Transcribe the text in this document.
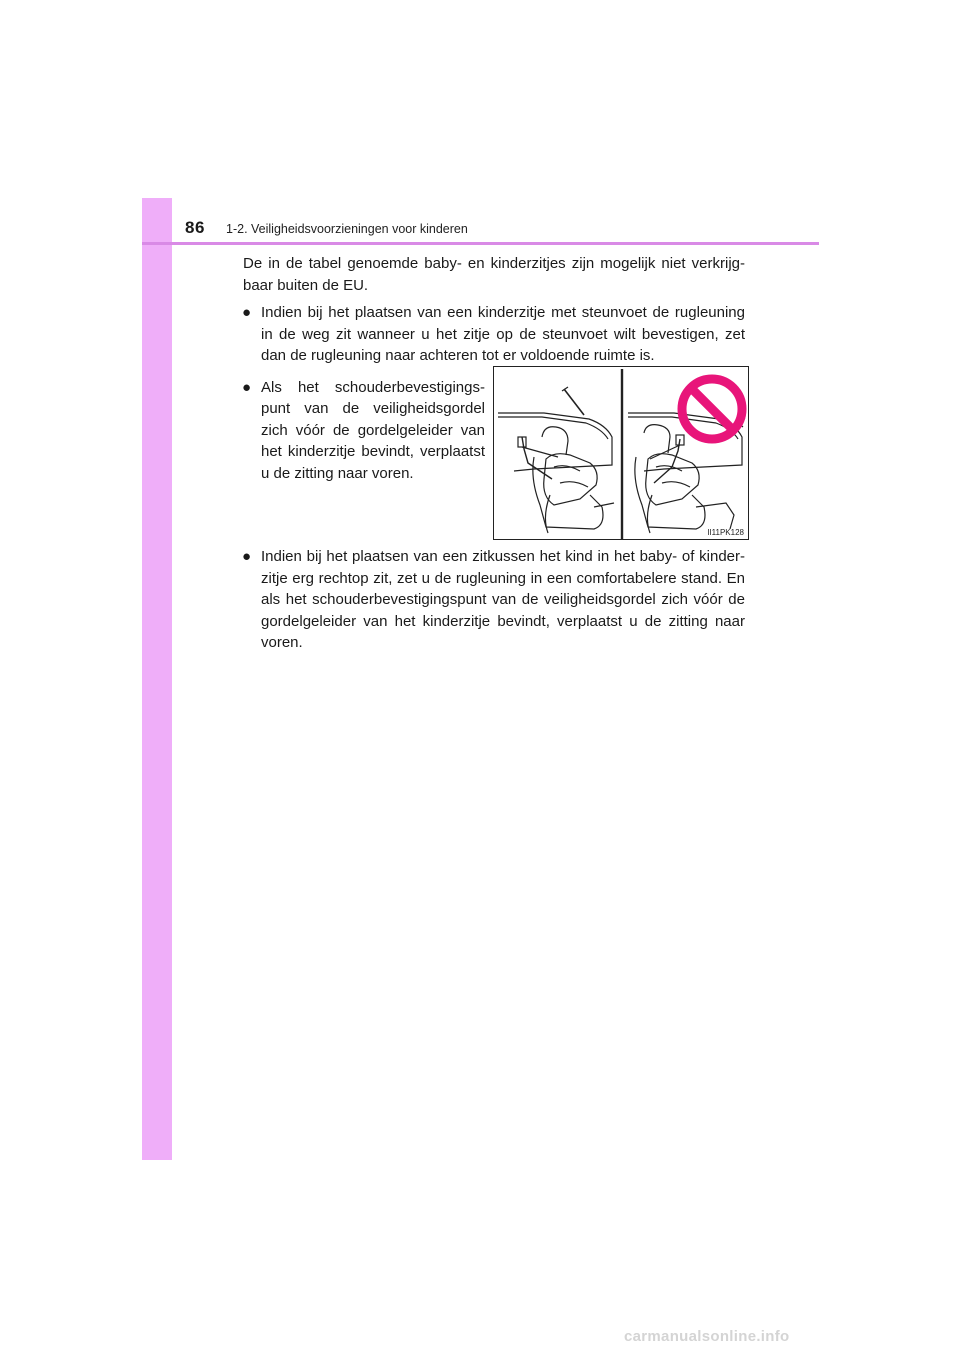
86 1-2. Veiligheidsvoorzieningen voor kinderen

De in de tabel genoemde baby- en kinderzitjes zijn mogelijk niet verkrijgbaar buiten de EU.

● Indien bij het plaatsen van een kinderzitje met steunvoet de rugleuning in de weg zit wanneer u het zitje op de steunvoet wilt bevestigen, zet dan de rugleuning naar achteren tot er voldoende ruimte is.
● Als het schouderbevestigingspunt van de veiligheidsgordel zich vóór de gordelgeleider van het kinderzitje bevindt, verplaatst u de zitting naar voren.
II11PK128
● Indien bij het plaatsen van een zitkussen het kind in het baby- of kinderzitje erg rechtop zit, zet u de rugleuning in een comfortabelere stand. En als het schouderbevestigingspunt van de veiligheidsgordel zich vóór de gordelgeleider van het kinderzitje bevindt, verplaatst u de zitting naar voren.
carmanualsonline.info
